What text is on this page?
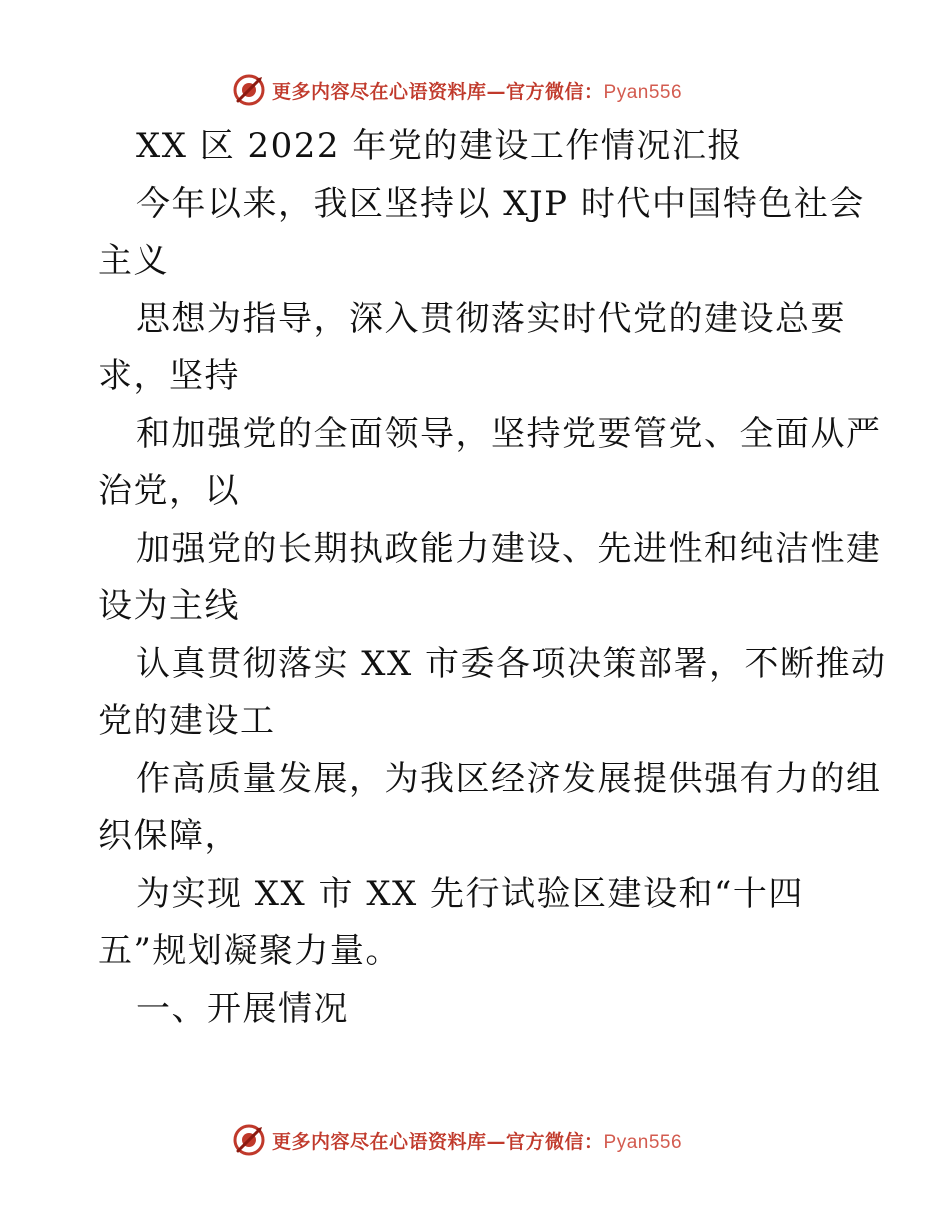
更多内容尽在心语资料库—官方微信：Pyan556
XX 区 2022 年党的建设工作情况汇报
今年以来，我区坚持以 XJP 时代中国特色社会
主义
思想为指导，深入贯彻落实时代党的建设总要
求，坚持
和加强党的全面领导，坚持党要管党、全面从严
治党，以
加强党的长期执政能力建设、先进性和纯洁性建
设为主线
认真贯彻落实 XX 市委各项决策部署，不断推动
党的建设工
作高质量发展，为我区经济发展提供强有力的组
织保障，
为实现 XX 市 XX 先行试验区建设和“十四
五”规划凝聚力量。
一、开展情况
更多内容尽在心语资料库—官方微信：Pyan556
